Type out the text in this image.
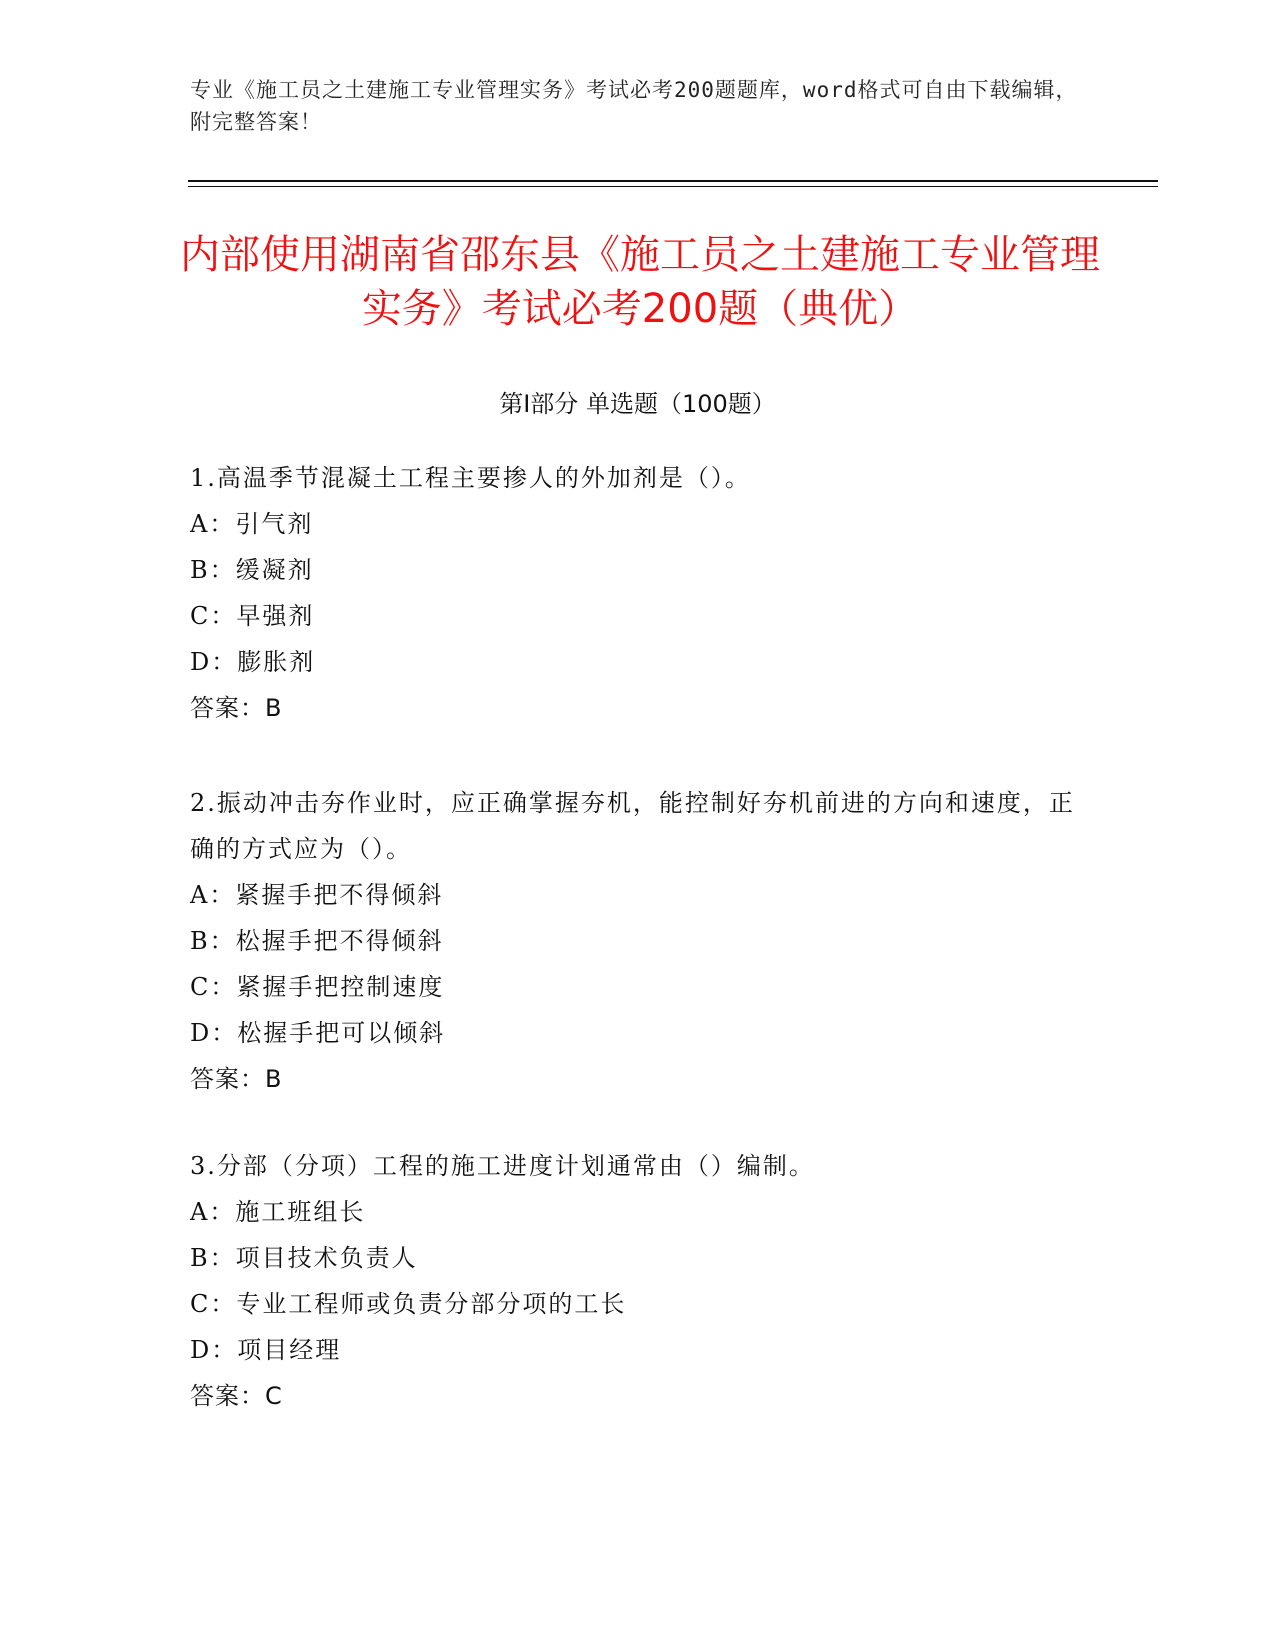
专业《施工员之土建施工专业管理实务》考试必考200题题库，word格式可自由下载编辑，附完整答案！
内部使用湖南省邵东县《施工员之土建施工专业管理实务》考试必考200题（典优）
第Ⅰ部分 单选题（100题）
1.高温季节混凝土工程主要掺人的外加剂是（）。
A：引气剂
B：缓凝剂
C：早强剂
D：膨胀剂
答案：B
2.振动冲击夯作业时，应正确掌握夯机，能控制好夯机前进的方向和速度，正确的方式应为（）。
A：紧握手把不得倾斜
B：松握手把不得倾斜
C：紧握手把控制速度
D：松握手把可以倾斜
答案：B
3.分部（分项）工程的施工进度计划通常由（）编制。
A：施工班组长
B：项目技术负责人
C：专业工程师或负责分部分项的工长
D：项目经理
答案：C
